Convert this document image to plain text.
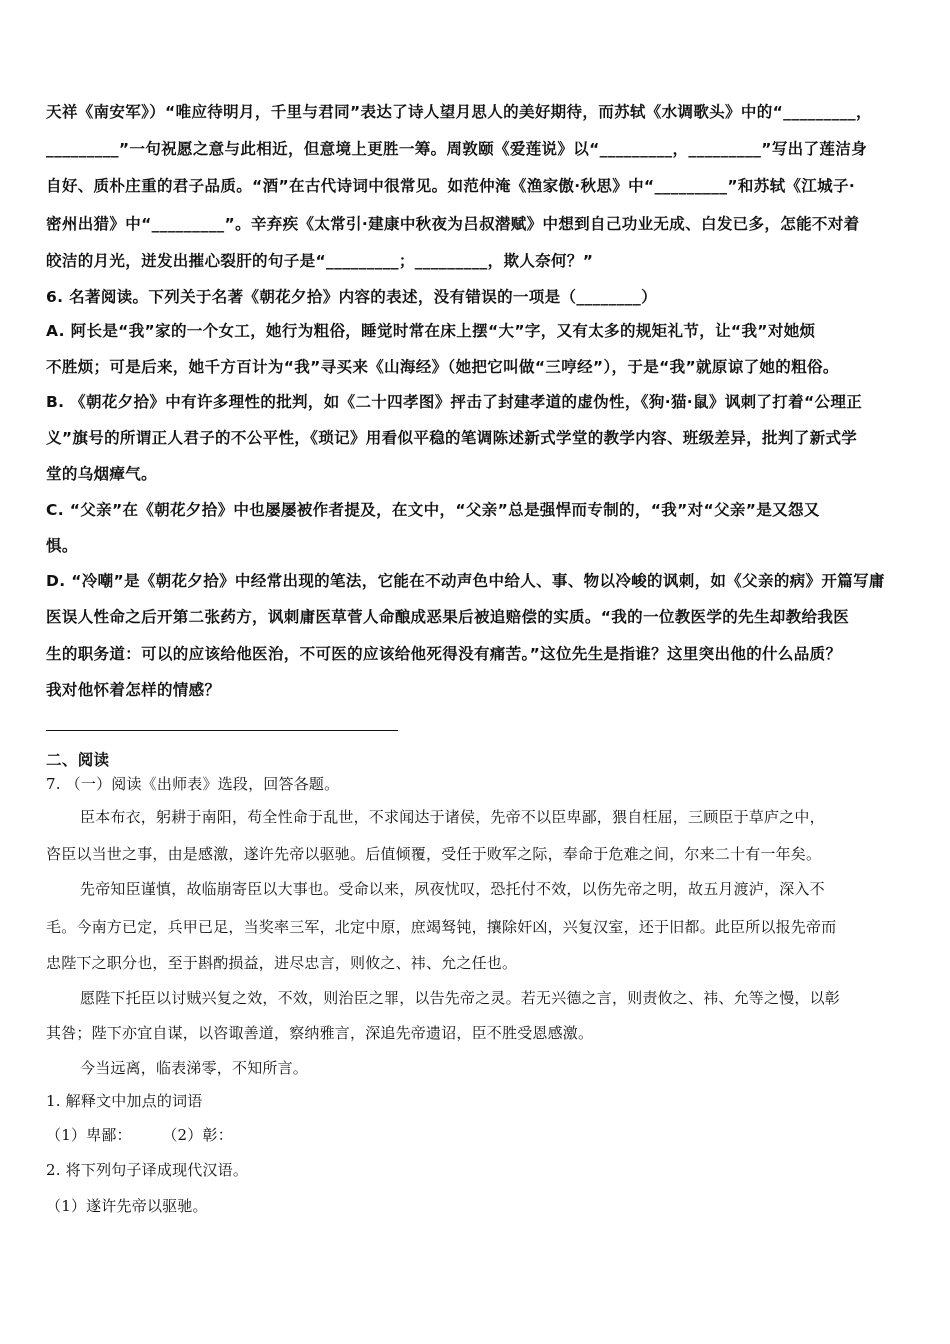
天祥《南安军》）“唯应待明月，千里与君同”表达了诗人望月思人的美好期待，而苏轼《水调歌头》中的“_________，
_________”一句祝愿之意与此相近，但意境上更胜一筹。周敦颐《爱莲说》以“_________，_________”写出了莲洁身
自好、质朴庄重的君子品质。“酒”在古代诗词中很常见。如范仲淹《渔家傲·秋思》中“_________”和苏轼《江城子·
密州出猎》中“_________”。辛弃疾《太常引·建康中秋夜为吕叔潜赋》中想到自己功业无成、白发已多，怎能不对着
皎洁的月光，迸发出摧心裂肝的句子是“_________；_________，欺人奈何？”
6. 名著阅读。下列关于名著《朝花夕拾》内容的表述，没有错误的一项是（________）
A. 阿长是“我”家的一个女工，她行为粗俗，睡觉时常在床上摆“大”字，又有太多的规矩礼节，让“我”对她烦
不胜烦；可是后来，她千方百计为“我”寻买来《山海经》（她把它叫做“三哼经”），于是“我”就原谅了她的粗俗。
B. 《朝花夕拾》中有许多理性的批判，如《二十四孝图》抨击了封建孝道的虚伪性，《狗·猫·鼠》讽刺了打着“公理正
义”旗号的所谓正人君子的不公平性，《琐记》用看似平稳的笔调陈述新式学堂的教学内容、班级差异，批判了新式学
堂的乌烟瘴气。
C. “父亲”在《朝花夕拾》中也屡屡被作者提及，在文中，“父亲”总是强悍而专制的，“我”对“父亲”是又怨又
惧。
D. “冷嘲”是《朝花夕拾》中经常出现的笔法，它能在不动声色中给人、事、物以冷峻的讽刺，如《父亲的病》开篇写庸
医误人性命之后开第二张药方，讽刺庸医草菅人命酿成恶果后被追赔偿的实质。“我的一位教医学的先生却教给我医
生的职务道：可以的应该给他医治，不可医的应该给他死得没有痛苦。”这位先生是指谁？这里突出他的什么品质？
我对他怀着怎样的情感？
二、阅读
7. （一）阅读《出师表》选段，回答各题。
臣本布衣，躬耕于南阳，苟全性命于乱世，不求闻达于诸侯，先帝不以臣卑鄙，猥自枉屈，三顾臣于草庐之中，
咨臣以当世之事，由是感激，遂许先帝以驱驰。后值倾覆，受任于败军之际，奉命于危难之间，尔来二十有一年矣。
先帝知臣谨慎，故临崩寄臣以大事也。受命以来，夙夜忧叹，恐托付不效，以伤先帝之明，故五月渡泸，深入不
毛。今南方已定，兵甲已足，当奖率三军，北定中原，庶竭驽钝，攘除奸凶，兴复汉室，还于旧都。此臣所以报先帝而
忠陛下之职分也，至于斟酌损益，进尽忠言，则攸之、祎、允之任也。
愿陛下托臣以讨贼兴复之效，不效，则治臣之罪，以告先帝之灵。若无兴德之言，则责攸之、祎、允等之慢，以彰
其咎；陛下亦宜自谋，以咨诹善道，察纳雅言，深追先帝遗诏，臣不胜受恩感激。
今当远离，临表涕零，不知所言。
1. 解释文中加点的词语
（1）卑鄙：　　　（2）彰：
2. 将下列句子译成现代汉语。
（1）遂许先帝以驱驰。
